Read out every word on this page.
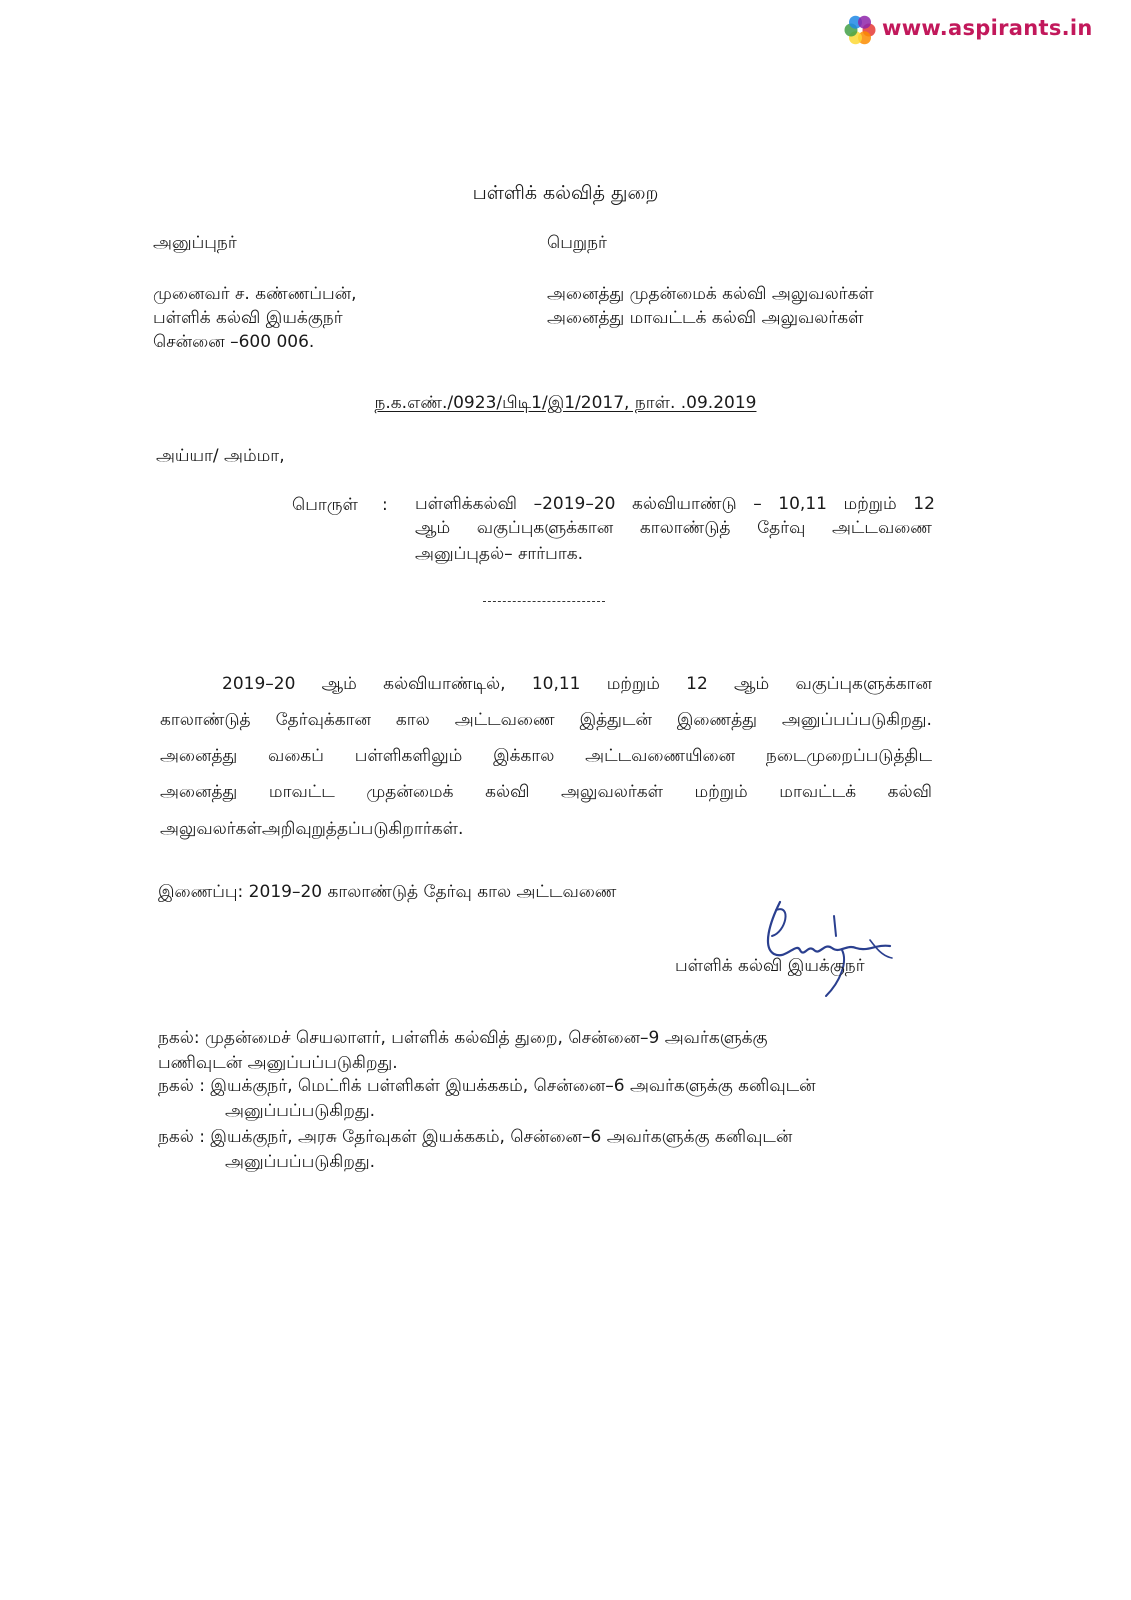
www.aspirants.in
பள்ளிக் கல்வித் துறை
அனுப்புநர்
முனைவர் ச. கண்ணப்பன்,
பள்ளிக் கல்வி இயக்குநர்
சென்னை –600 006.
பெறுநர்
அனைத்து முதன்மைக் கல்வி அலுவலர்கள்
அனைத்து மாவட்டக் கல்வி அலுவலர்கள்
ந.க.எண்./0923/பிடி1/இ1/2017, நாள். .09.2019
அய்யா/ அம்மா,
பொருள் : பள்ளிக்கல்வி –2019–20 கல்வியாண்டு – 10,11 மற்றும் 12
ஆம் வகுப்புகளுக்கான காலாண்டுத் தேர்வு அட்டவணை
அனுப்புதல்– சார்பாக.
2019–20 ஆம் கல்வியாண்டில், 10,11 மற்றும் 12 ஆம் வகுப்புகளுக்கான
காலாண்டுத் தேர்வுக்கான கால அட்டவணை இத்துடன் இணைத்து அனுப்பப்படுகிறது.
அனைத்து வகைப் பள்ளிகளிலும் இக்கால அட்டவணையினை நடைமுறைப்படுத்திட
அனைத்து மாவட்ட முதன்மைக் கல்வி அலுவலர்கள் மற்றும் மாவட்டக் கல்வி
அலுவலர்கள்அறிவுறுத்தப்படுகிறார்கள்.
இணைப்பு: 2019–20 காலாண்டுத் தேர்வு கால அட்டவணை
பள்ளிக் கல்வி இயக்குநர்
நகல்: முதன்மைச் செயலாளர், பள்ளிக் கல்வித் துறை, சென்னை–9 அவர்களுக்கு
பணிவுடன் அனுப்பப்படுகிறது.
நகல் : இயக்குநர், மெட்ரிக் பள்ளிகள் இயக்ககம், சென்னை–6 அவர்களுக்கு கனிவுடன்
அனுப்பப்படுகிறது.
நகல் : இயக்குநர், அரசு தேர்வுகள் இயக்ககம், சென்னை–6 அவர்களுக்கு கனிவுடன்
அனுப்பப்படுகிறது.
